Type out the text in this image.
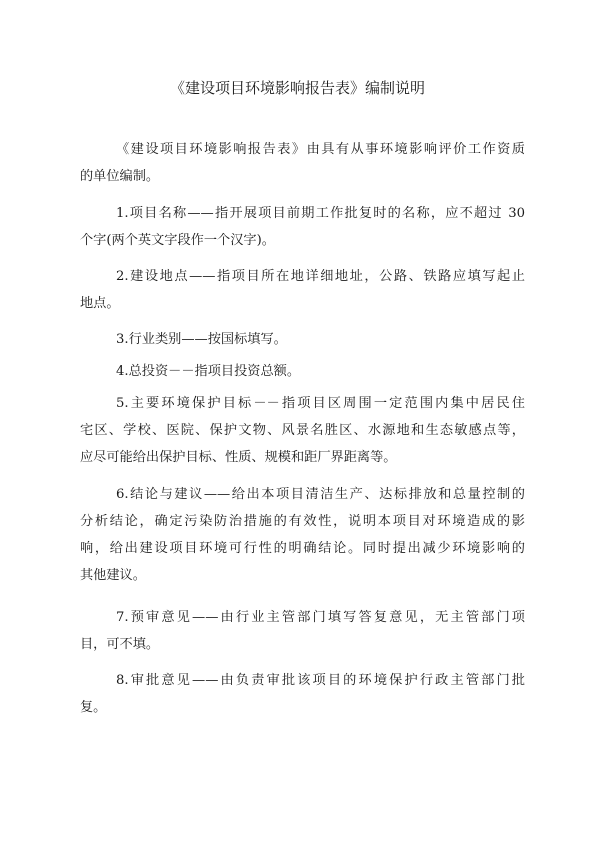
《建设项目环境影响报告表》编制说明
《建设项目环境影响报告表》由具有从事环境影响评价工作资质
的单位编制。
1.项目名称——指开展项目前期工作批复时的名称，应不超过 30
个字(两个英文字段作一个汉字)。
2.建设地点——指项目所在地详细地址，公路、铁路应填写起止
地点。
3.行业类别——按国标填写。
4.总投资－－指项目投资总额。
5.主要环境保护目标－－指项目区周围一定范围内集中居民住
宅区、学校、医院、保护文物、风景名胜区、水源地和生态敏感点等，
应尽可能给出保护目标、性质、规模和距厂界距离等。
6.结论与建议——给出本项目清洁生产、达标排放和总量控制的
分析结论，确定污染防治措施的有效性，说明本项目对环境造成的影
响，给出建设项目环境可行性的明确结论。同时提出减少环境影响的
其他建议。
7.预审意见——由行业主管部门填写答复意见，无主管部门项
目，可不填。
8.审批意见——由负责审批该项目的环境保护行政主管部门批
复。
